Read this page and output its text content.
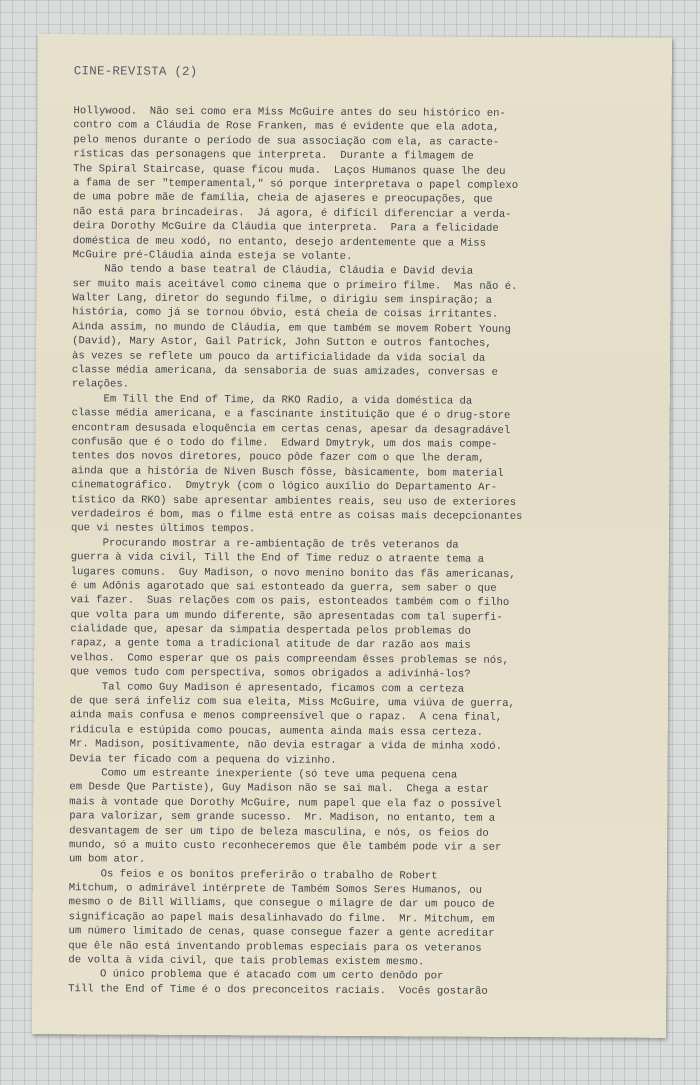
CINE-REVISTA (2)
Hollywood.  Não sei como era Miss McGuire antes do seu histórico en-
contro com a Cláudia de Rose Franken, mas é evidente que ela adota,
pelo menos durante o período de sua associação com ela, as caracte-
rísticas das personagens que interpreta.  Durante a filmagem de
The Spiral Staircase, quase ficou muda.  Laços Humanos quase lhe deu
a fama de ser "temperamental," só porque interpretava o papel complexo
de uma pobre mãe de família, cheia de ajaseres e preocupações, que
não está para brincadeiras.  Já agora, é difícil diferenciar a verda-
deira Dorothy McGuire da Cláudia que interpreta.  Para a felicidade
doméstica de meu xodó, no entanto, desejo ardentemente que a Miss
McGuire pré-Cláudia ainda esteja se volante.
Não tendo a base teatral de Cláudia, Cláudia e David devia
ser muito mais aceitável como cinema que o primeiro filme.  Mas não é.
Walter Lang, diretor do segundo filme, o dirigiu sem inspiração; a
história, como já se tornou óbvio, está cheia de coisas irritantes.
Ainda assim, no mundo de Cláudia, em que também se movem Robert Young
(David), Mary Astor, Gail Patrick, John Sutton e outros fantoches,
às vezes se reflete um pouco da artificialidade da vida social da
classe média americana, da sensaboria de suas amizades, conversas e
relações.
Em Till the End of Time, da RKO Radio, a vida doméstica da
classe média americana, e a fascinante instituição que é o drug-store
encontram desusada eloquência em certas cenas, apesar da desagradável
confusão que é o todo do filme.  Edward Dmytryk, um dos mais compe-
tentes dos novos diretores, pouco pôde fazer com o que lhe deram,
ainda que a história de Niven Busch fôsse, bàsicamente, bom material
cinematográfico.  Dmytryk (com o lógico auxílio do Departamento Ar-
tístico da RKO) sabe apresentar ambientes reais, seu uso de exteriores
verdadeiros é bom, mas o filme está entre as coisas mais decepcionantes
que vi nestes últimos tempos.
Procurando mostrar a re-ambientação de três veteranos da
guerra à vida civil, Till the End of Time reduz o atraente tema a
lugares comuns.  Guy Madison, o novo menino bonito das fãs americanas,
é um Adônis agarotado que sai estonteado da guerra, sem saber o que
vai fazer.  Suas relações com os pais, estonteados também com o filho
que volta para um mundo diferente, são apresentadas com tal superfi-
cialidade que, apesar da simpatia despertada pelos problemas do
rapaz, a gente toma a tradicional atitude de dar razão aos mais
velhos.  Como esperar que os pais compreendam êsses problemas se nós,
que vemos tudo com perspectiva, somos obrigados a adivinhá-los?
Tal como Guy Madison é apresentado, ficamos com a certeza
de que será infeliz com sua eleita, Miss McGuire, uma viúva de guerra,
ainda mais confusa e menos compreensível que o rapaz.  A cena final,
ridícula e estúpida como poucas, aumenta ainda mais essa certeza.
Mr. Madison, positivamente, não devia estragar a vida de minha xodó.
Devia ter ficado com a pequena do vizinho.
Como um estreante inexperiente (só teve uma pequena cena
em Desde Que Partiste), Guy Madison não se sai mal.  Chega a estar
mais à vontade que Dorothy McGuire, num papel que ela faz o possível
para valorizar, sem grande sucesso.  Mr. Madison, no entanto, tem a
desvantagem de ser um tipo de beleza masculina, e nós, os feios do
mundo, só a muito custo reconheceremos que êle também pode vir a ser
um bom ator.
Os feios e os bonitos preferirão o trabalho de Robert
Mitchum, o admirável intérprete de Também Somos Seres Humanos, ou
mesmo o de Bill Williams, que consegue o milagre de dar um pouco de
significação ao papel mais desalinhavado do filme.  Mr. Mitchum, em
um número limitado de cenas, quase consegue fazer a gente acreditar
que êle não está inventando problemas especiais para os veteranos
de volta à vida civil, que tais problemas existem mesmo.
O único problema que é atacado com um certo denôdo por
Till the End of Time é o dos preconceitos raciais.  Vocês gostarão
